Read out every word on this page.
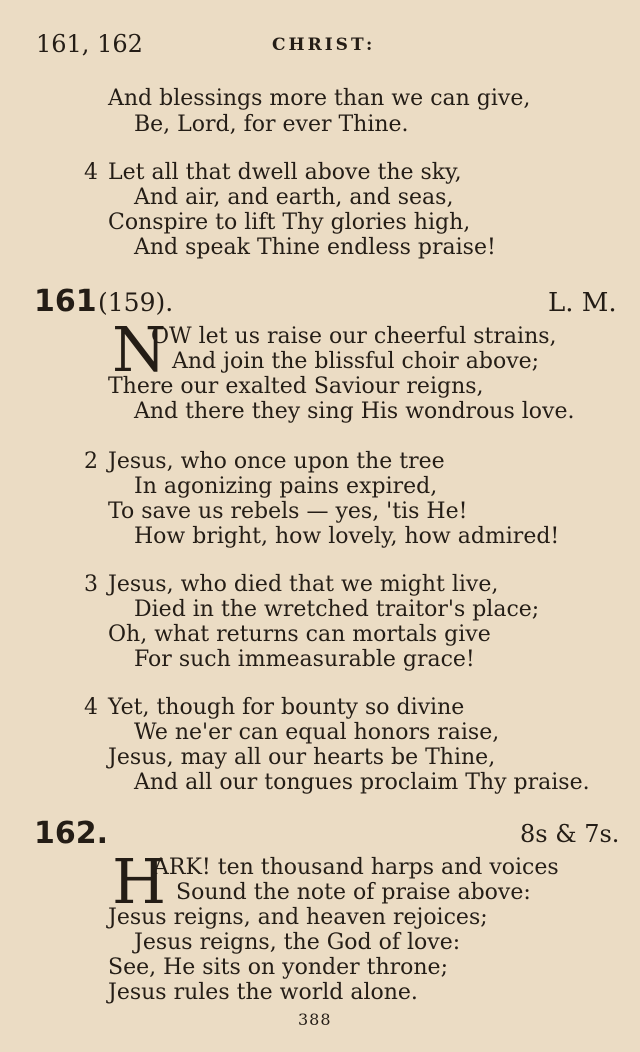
161, 162	CHRIST:
And blessings more than we can give,
Be, Lord, for ever Thine.
4 Let all that dwell above the sky,
And air, and earth, and seas,
Conspire to lift Thy glories high,
And speak Thine endless praise!
161 (159).	L. M.
N
OW let us raise our cheerful strains,
And join the blissful choir above;
There our exalted Saviour reigns,
And there they sing His wondrous love.
2 Jesus, who once upon the tree
In agonizing pains expired,
To save us rebels — yes, 'tis He!
How bright, how lovely, how admired!
3 Jesus, who died that we might live,
Died in the wretched traitor's place;
Oh, what returns can mortals give
For such immeasurable grace!
4 Yet, though for bounty so divine
We ne'er can equal honors raise,
Jesus, may all our hearts be Thine,
And all our tongues proclaim Thy praise.
162.	8s & 7s.
H
ARK! ten thousand harps and voices
Sound the note of praise above:
Jesus reigns, and heaven rejoices;
Jesus reigns, the God of love:
See, He sits on yonder throne;
Jesus rules the world alone.
388
